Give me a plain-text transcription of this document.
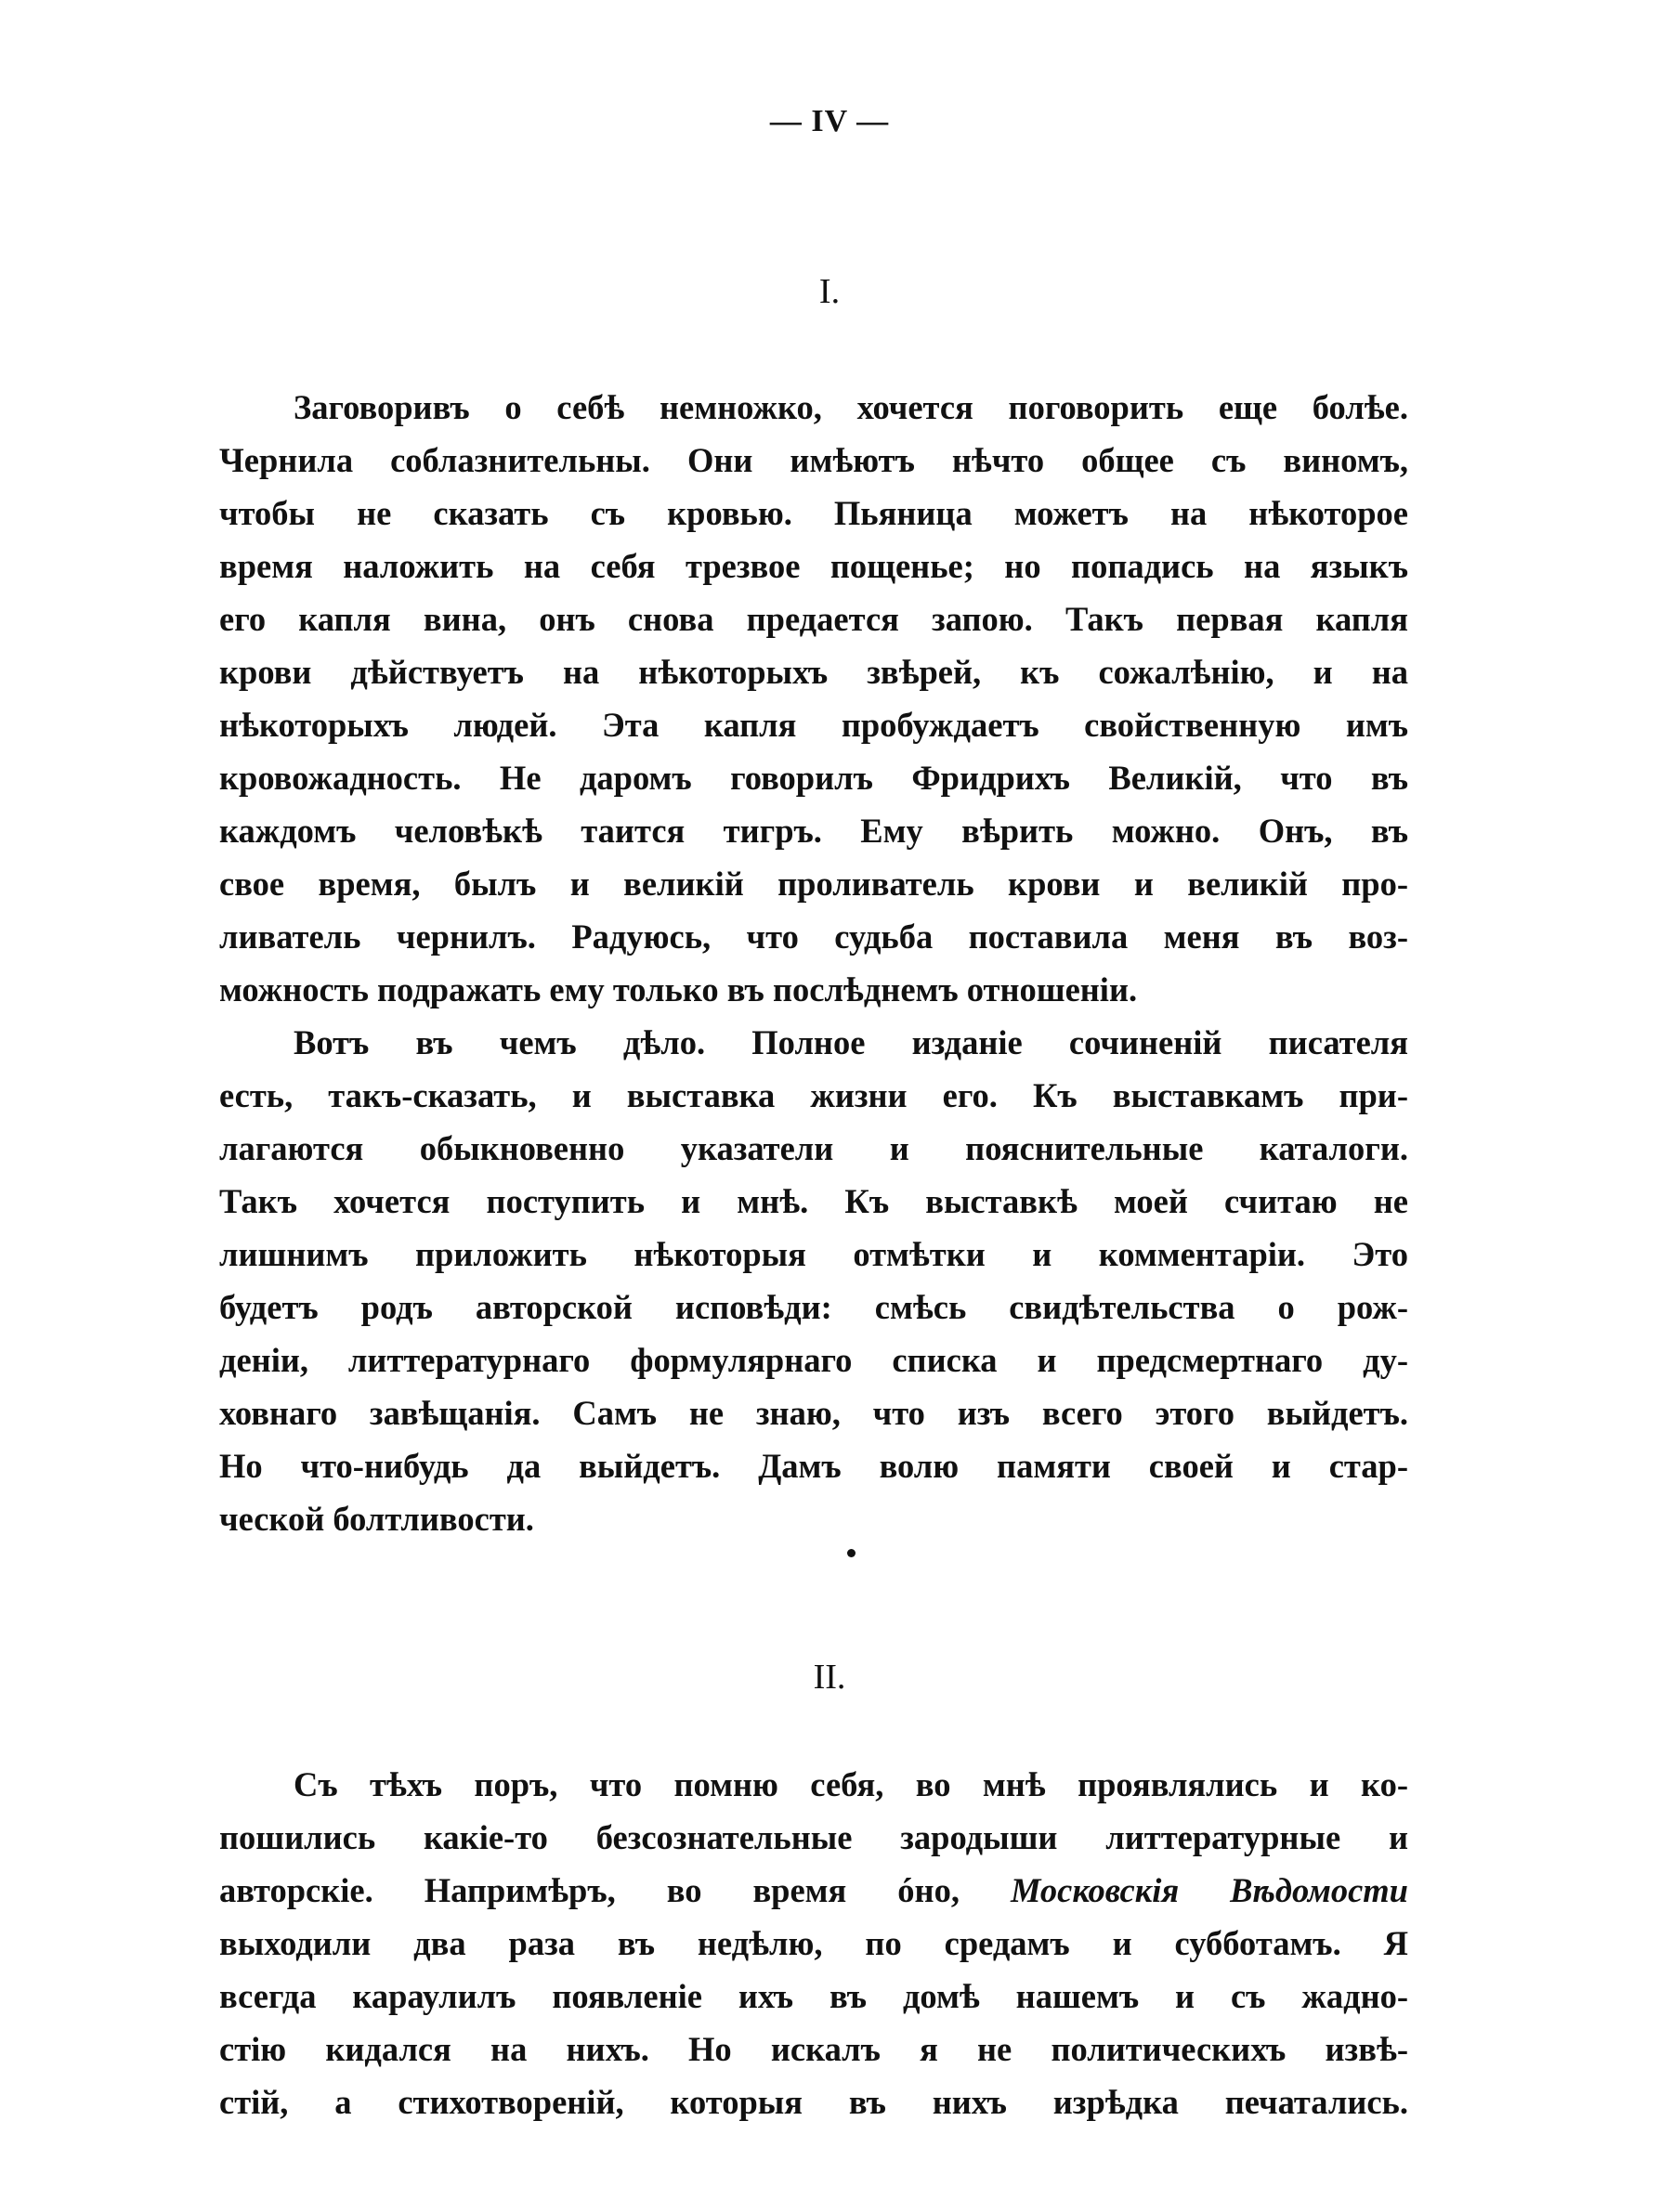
— IV —
I.
Заговоривъ о себѣ немножко, хочется поговорить еще болѣе.
Чернила соблазнительны. Они имѣютъ нѣчто общее съ виномъ,
чтобы не сказать съ кровью. Пьяница можетъ на нѣкоторое
время наложить на себя трезвое пощенье; но попадись на языкъ
его капля вина, онъ снова предается запою. Такъ первая капля
крови дѣйствуетъ на нѣкоторыхъ звѣрей, къ сожалѣнію, и на
нѣкоторыхъ людей. Эта капля пробуждаетъ свойственную имъ
кровожадность. Не даромъ говорилъ Фридрихъ Великій, что въ
каждомъ человѣкѣ таится тигръ. Ему вѣрить можно. Онъ, въ
свое время, былъ и великій проливатель крови и великій про-
ливатель чернилъ. Радуюсь, что судьба поставила меня въ воз-
можность подражать ему только въ послѣднемъ отношеніи.
Вотъ въ чемъ дѣло. Полное изданіе сочиненій писателя
есть, такъ-сказать, и выставка жизни его. Къ выставкамъ при-
лагаются обыкновенно указатели и пояснительные каталоги.
Такъ хочется поступить и мнѣ. Къ выставкѣ моей считаю не
лишнимъ приложить нѣкоторыя отмѣтки и комментаріи. Это
будетъ родъ авторской исповѣди: смѣсь свидѣтельства о рож-
деніи, литтературнаго формулярнаго списка и предсмертнаго ду-
ховнаго завѣщанія. Самъ не знаю, что изъ всего этого выйдетъ.
Но что-нибудь да выйдетъ. Дамъ волю памяти своей и стар-
ческой болтливости.
II.
Съ тѣхъ поръ, что помню себя, во мнѣ проявлялись и ко-
пошились какіе-то безсознательные зародыши литтературные и
авторскіе. Напримѣръ, во время óно, Московскія Вѣдомости
выходили два раза въ недѣлю, по средамъ и субботамъ. Я
всегда караулилъ появленіе ихъ въ домѣ нашемъ и съ жадно-
стію кидался на нихъ. Но искалъ я не политическихъ извѣ-
стій, а стихотвореній, которыя въ нихъ изрѣдка печатались.
